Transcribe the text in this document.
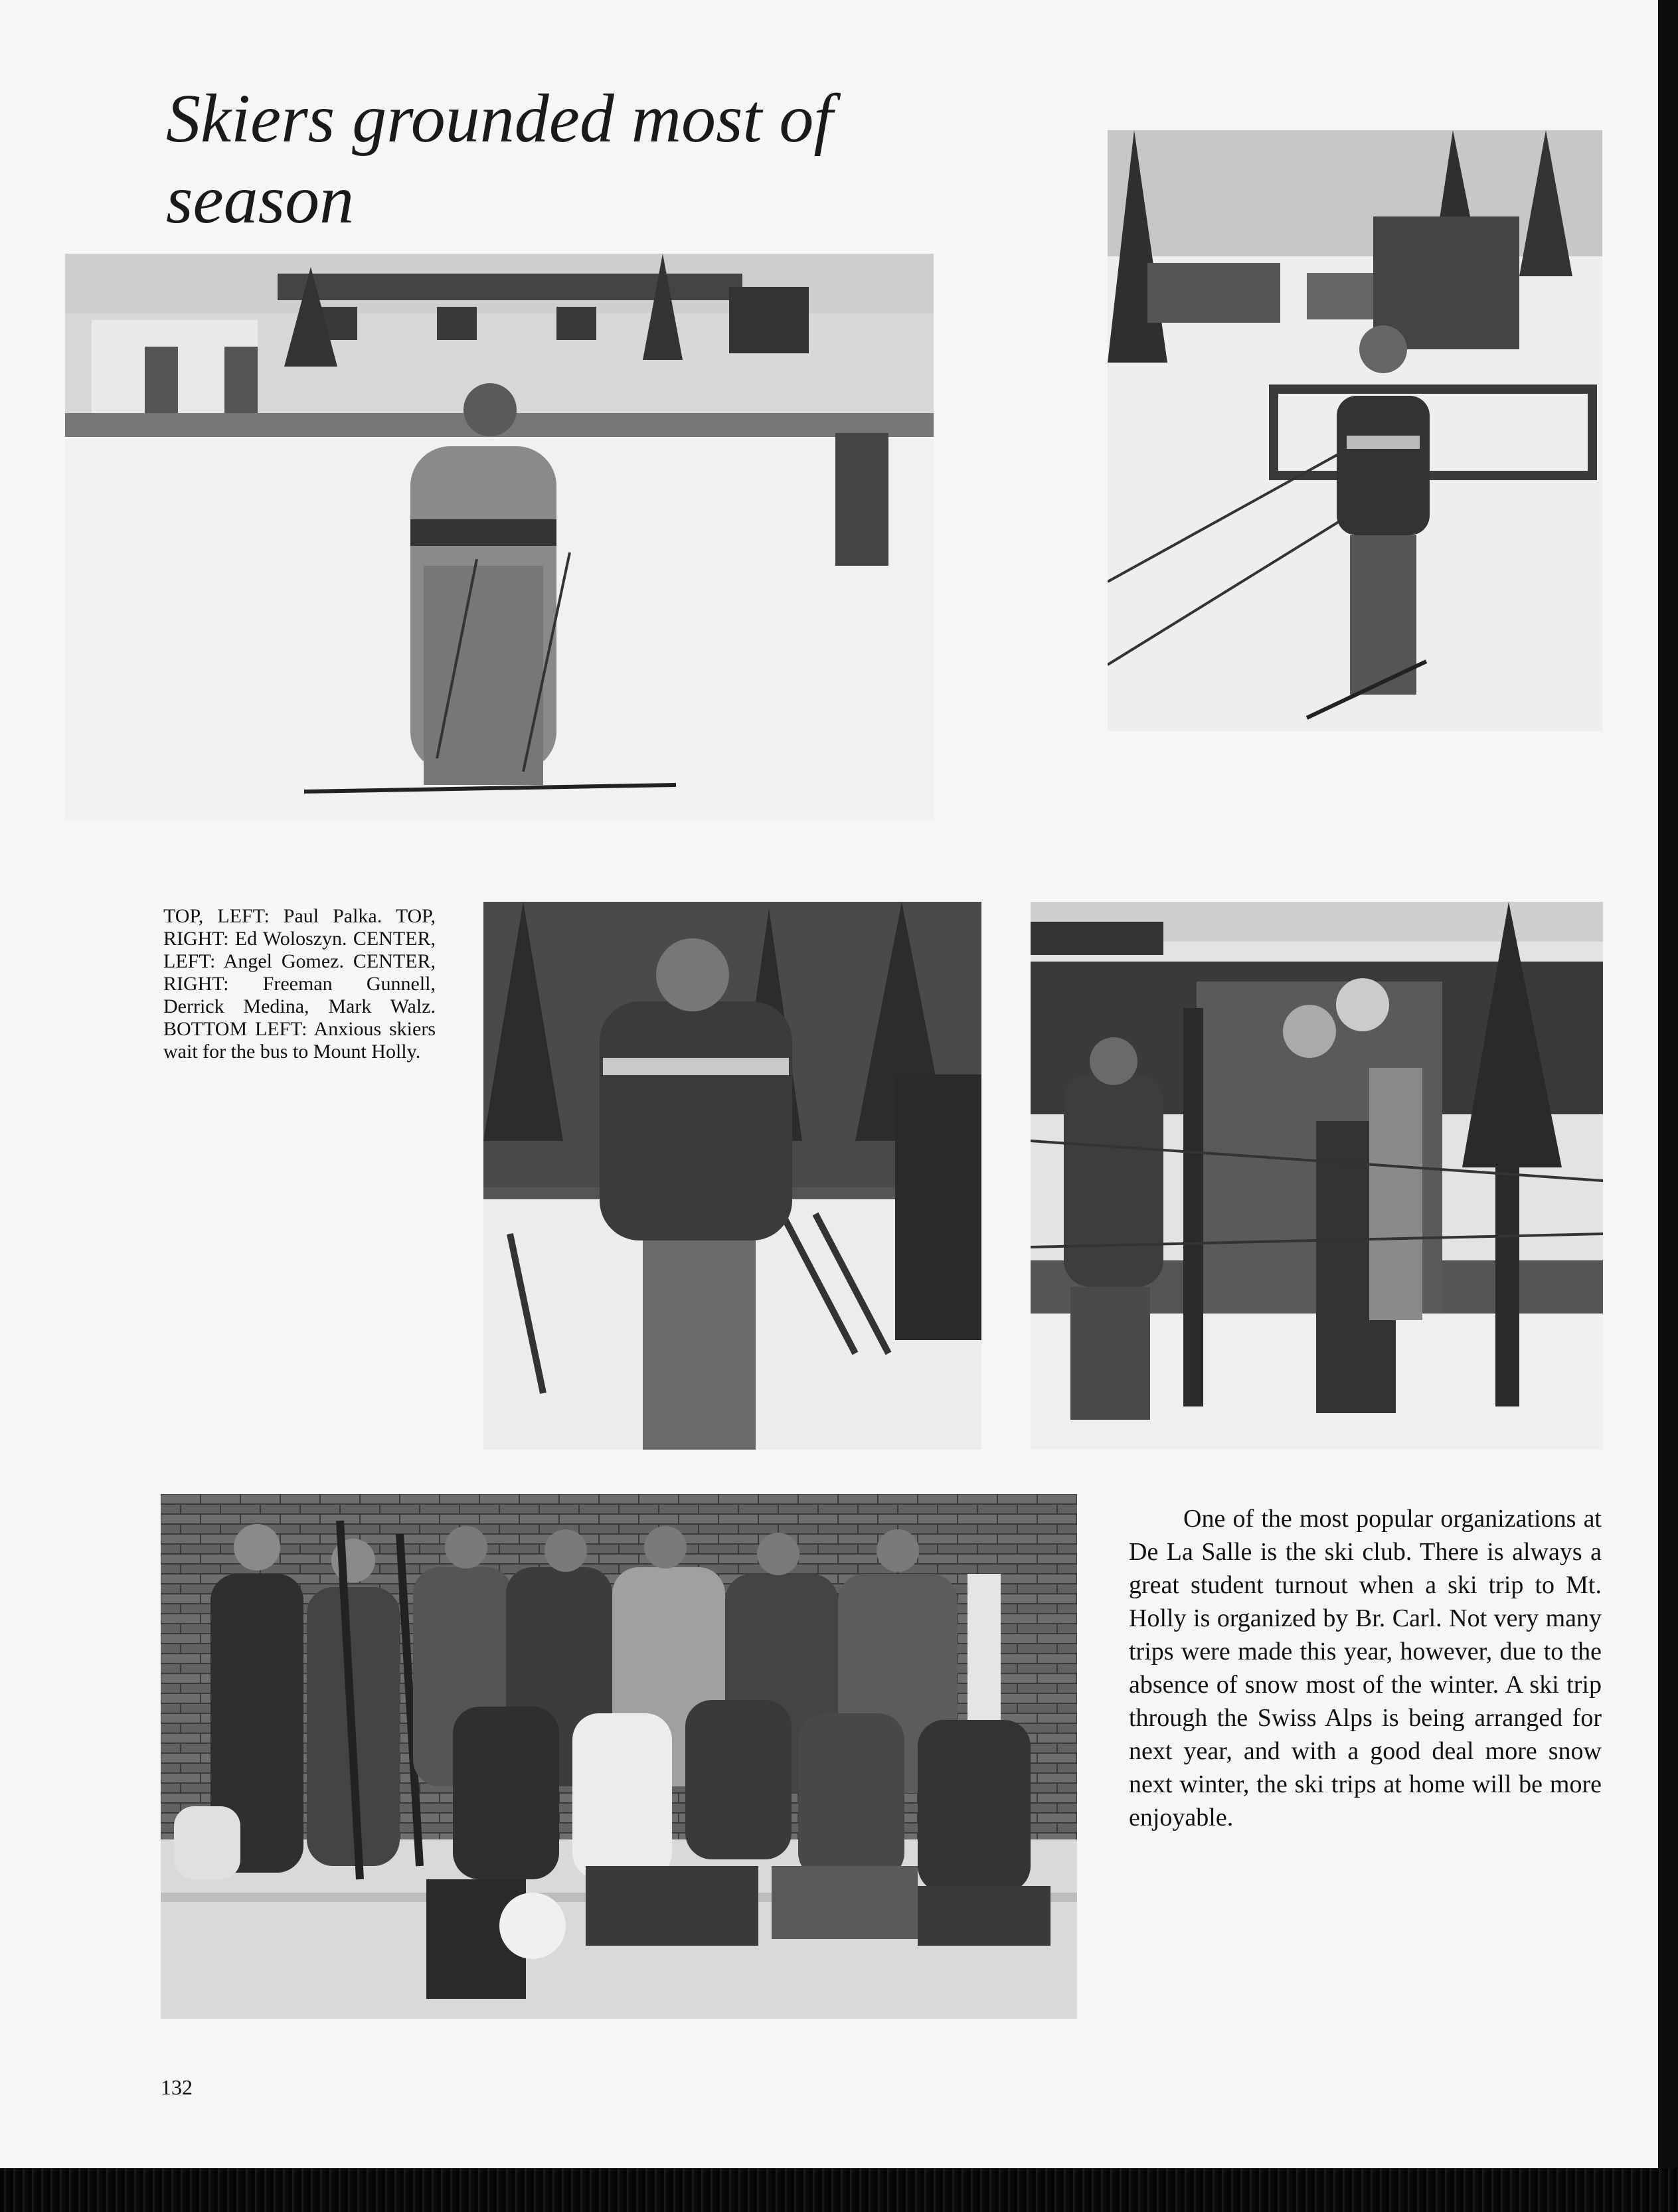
Skiers grounded most of season

TOP, LEFT: Paul Palka. TOP, RIGHT: Ed Woloszyn. CENTER, LEFT: Angel Gomez. CENTER, RIGHT: Freeman Gunnell, Derrick Medina, Mark Walz. BOTTOM LEFT: Anxious skiers wait for the bus to Mount Holly.

One of the most popular organizations at De La Salle is the ski club. There is always a great student turnout when a ski trip to Mt. Holly is organized by Br. Carl. Not very many trips were made this year, however, due to the absence of snow most of the winter. A ski trip through the Swiss Alps is being arranged for next year, and with a good deal more snow next winter, the ski trips at home will be more enjoyable.

132
